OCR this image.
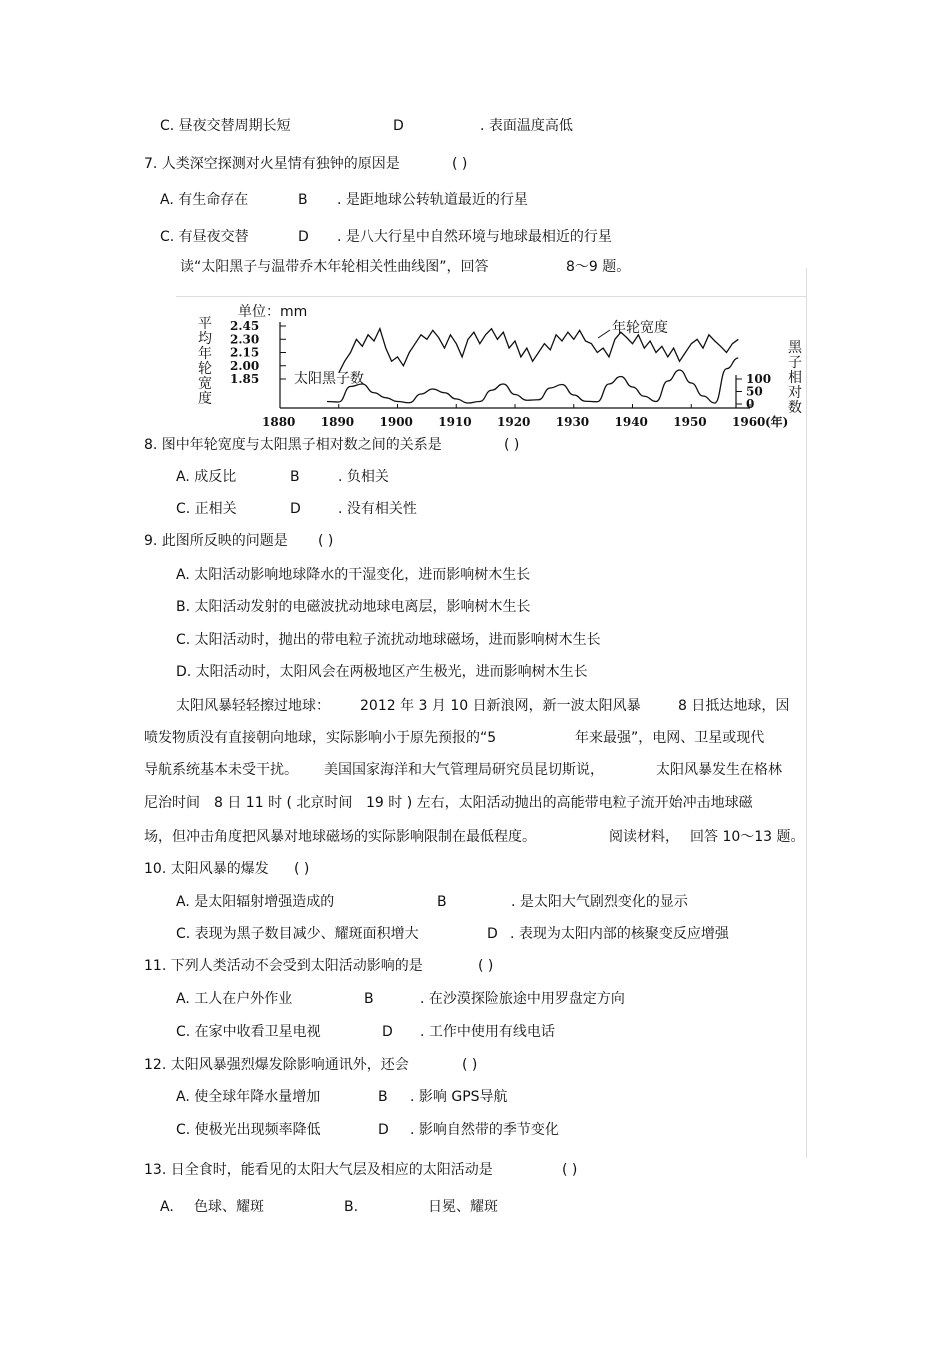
C. 昼夜交替周期长短	D	. 表面温度高低
7. 人类深空探测对火星情有独钟的原因是	( )
A. 有生命存在	B . 是距地球公转轨道最近的行星
C. 有昼夜交替	D . 是八大行星中自然环境与地球最相近的行星
读“太阳黑子与温带乔木年轮相关性曲线图”，回答	8～9 题。
8. 图中年轮宽度与太阳黑子相对数之间的关系是	( )
A. 成反比	B	. 负相关
C. 正相关	D	. 没有相关性
9. 此图所反映的问题是 ( )
A. 太阳活动影响地球降水的干湿变化，进而影响树木生长
B. 太阳活动发射的电磁波扰动地球电离层，影响树木生长
C. 太阳活动时，抛出的带电粒子流扰动地球磁场，进而影响树木生长
D. 太阳活动时，太阳风会在两极地区产生极光，进而影响树木生长
太阳风暴轻轻擦过地球： 2012 年 3 月 10 日新浪网，新一波太阳风暴	8 日抵达地球，因
喷发物质没有直接朝向地球，实际影响小于原先预报的“5	年来最强”，电网、卫星或现代
导航系统基本未受干扰。 美国国家海洋和大气管理局研究员昆切斯说，	太阳风暴发生在格林
尼治时间 8 日 11 时 ( 北京时间 19 时 ) 左右，太阳活动抛出的高能带电粒子流开始冲击地球磁
场，但冲击角度把风暴对地球磁场的实际影响限制在最低程度。	阅读材料， 回答 10～13 题。
10. 太阳风暴的爆发 ( )
A. 是太阳辐射增强造成的	B	. 是太阳大气剧烈变化的显示
C. 表现为黑子数目减少、耀斑面积增大	D . 表现为太阳内部的核聚变反应增强
11. 下列人类活动不会受到太阳活动影响的是	( )
A. 工人在户外作业	B	. 在沙漠探险旅途中用罗盘定方向
C. 在家中收看卫星电视	D . 工作中使用有线电话
12. 太阳风暴强烈爆发除影响通讯外，还会	( )
A. 使全球年降水量增加	B . 影响 GPS导航
C. 使极光出现频率降低	D . 影响自然带的季节变化
13. 日全食时，能看见的太阳大气层及相应的太阳活动是	( )
A. 色球、耀斑	B.	日冕、耀斑
单位：mm
平
均
年
轮
宽
度
黑
子
相
对
数
2.45
2.30
2.15
2.00
1.85
1880 1890 1900 1910 1920 1930 1940 1950 1960 (年)
100
50
0
年轮宽度
太阳黑子数
